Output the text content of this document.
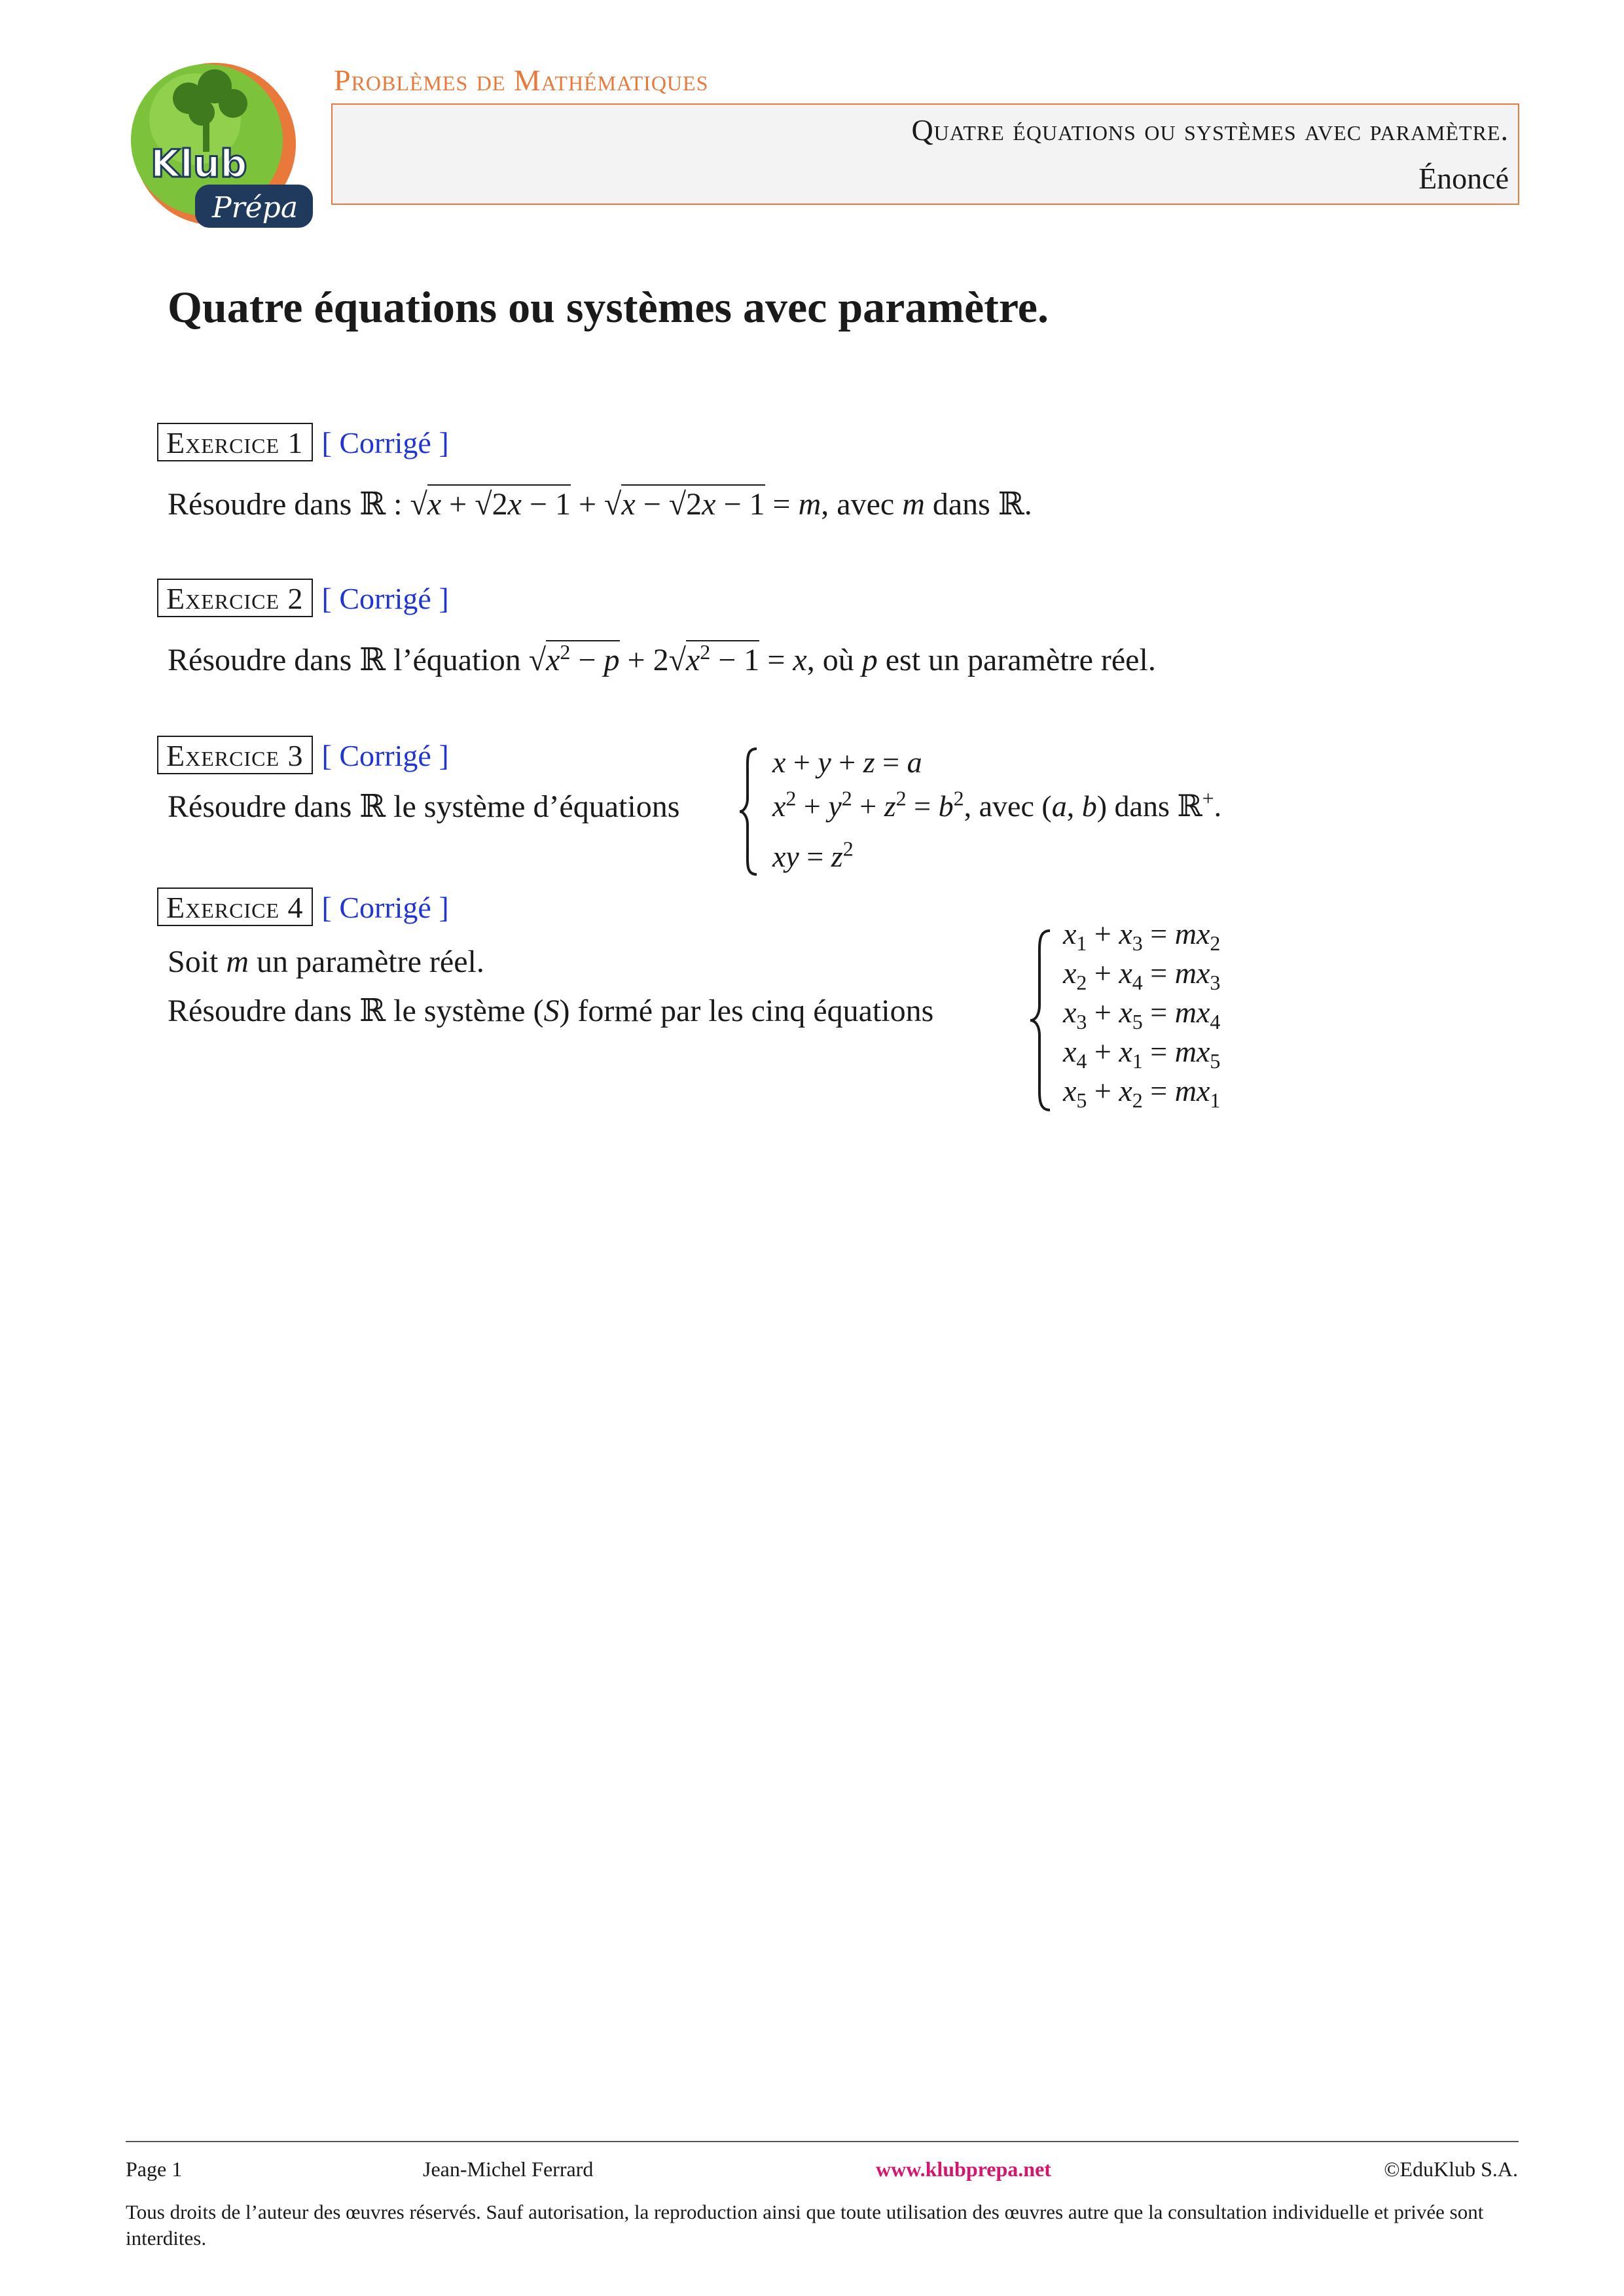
Klub
Prépa
Problèmes de Mathématiques
Quatre équations ou systèmes avec paramètre.
Énoncé
Quatre équations ou systèmes avec paramètre.
Exercice 1 [ Corrigé ]
Résoudre dans ℝ : √x + √2x − 1 + √x − √2x − 1 = m, avec m dans ℝ.
Exercice 2 [ Corrigé ]
Résoudre dans ℝ l’équation $√x^2 - p + 2√x^2 - 1 = x$, où p est un paramètre réel.
Exercice 3 [ Corrigé ]
Résoudre dans ℝ le système d’équations
x + y + z = a
$x^2 + y^2 + z^2 = b^2$, avec (a, b) dans ℝ+.
xy = $z^2$
Exercice 4 [ Corrigé ]
Soit m un paramètre réel.
Résoudre dans ℝ le système (S) formé par les cinq équations
$x_1 + x_3 = mx_2$
$x_2 + x_4 = mx_3$
$x_3 + x_5 = mx_4$
$x_4 + x_1 = mx_5$
$x_5 + x_2 = mx_1$
Page 1	Jean-Michel Ferrard	www.klubprepa.net	©EduKlub S.A.
Tous droits de l’auteur des œuvres réservés. Sauf autorisation, la reproduction ainsi que toute utilisation des œuvres autre que la consultation individuelle et privée sont interdites.
